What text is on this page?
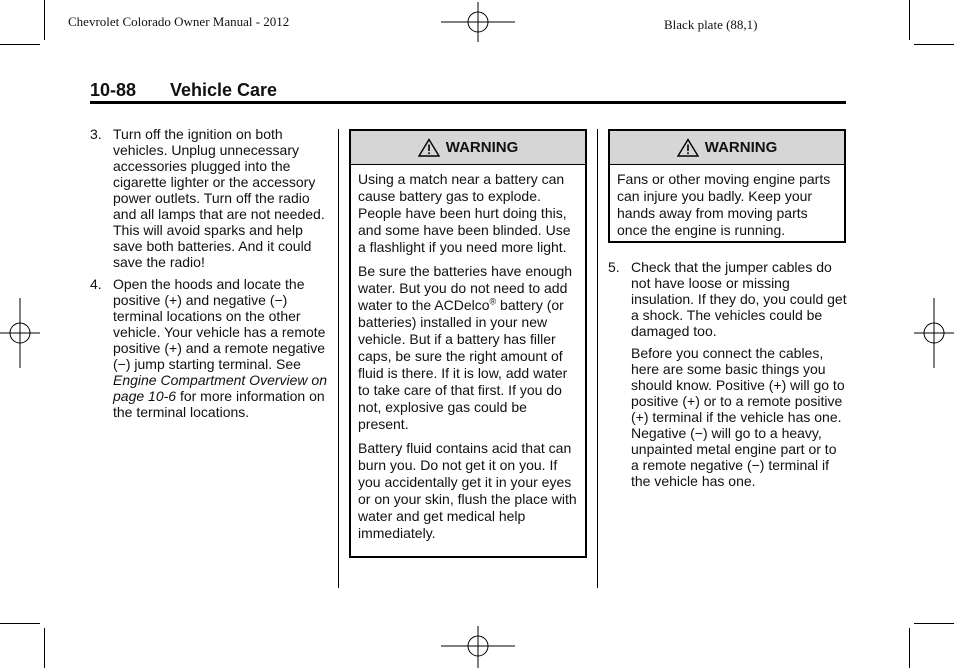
Chevrolet Colorado Owner Manual - 2012	Black plate (88,1)
10-88 Vehicle Care
3. Turn off the ignition on both vehicles. Unplug unnecessary accessories plugged into the cigarette lighter or the accessory power outlets. Turn off the radio and all lamps that are not needed. This will avoid sparks and help save both batteries. And it could save the radio!
4. Open the hoods and locate the positive (+) and negative (−) terminal locations on the other vehicle. Your vehicle has a remote positive (+) and a remote negative (−) jump starting terminal. See Engine Compartment Overview on page 10-6 for more information on the terminal locations.
WARNING

Using a match near a battery can cause battery gas to explode. People have been hurt doing this, and some have been blinded. Use a flashlight if you need more light.

Be sure the batteries have enough water. But you do not need to add water to the ACDelco® battery (or batteries) installed in your new vehicle. But if a battery has filler caps, be sure the right amount of fluid is there. If it is low, add water to take care of that first. If you do not, explosive gas could be present.

Battery fluid contains acid that can burn you. Do not get it on you. If you accidentally get it in your eyes or on your skin, flush the place with water and get medical help immediately.

WARNING

Fans or other moving engine parts can injure you badly. Keep your hands away from moving parts once the engine is running.

5. Check that the jumper cables do not have loose or missing insulation. If they do, you could get a shock. The vehicles could be damaged too.
Before you connect the cables, here are some basic things you should know. Positive (+) will go to positive (+) or to a remote positive (+) terminal if the vehicle has one. Negative (−) will go to a heavy, unpainted metal engine part or to a remote negative (−) terminal if the vehicle has one.
